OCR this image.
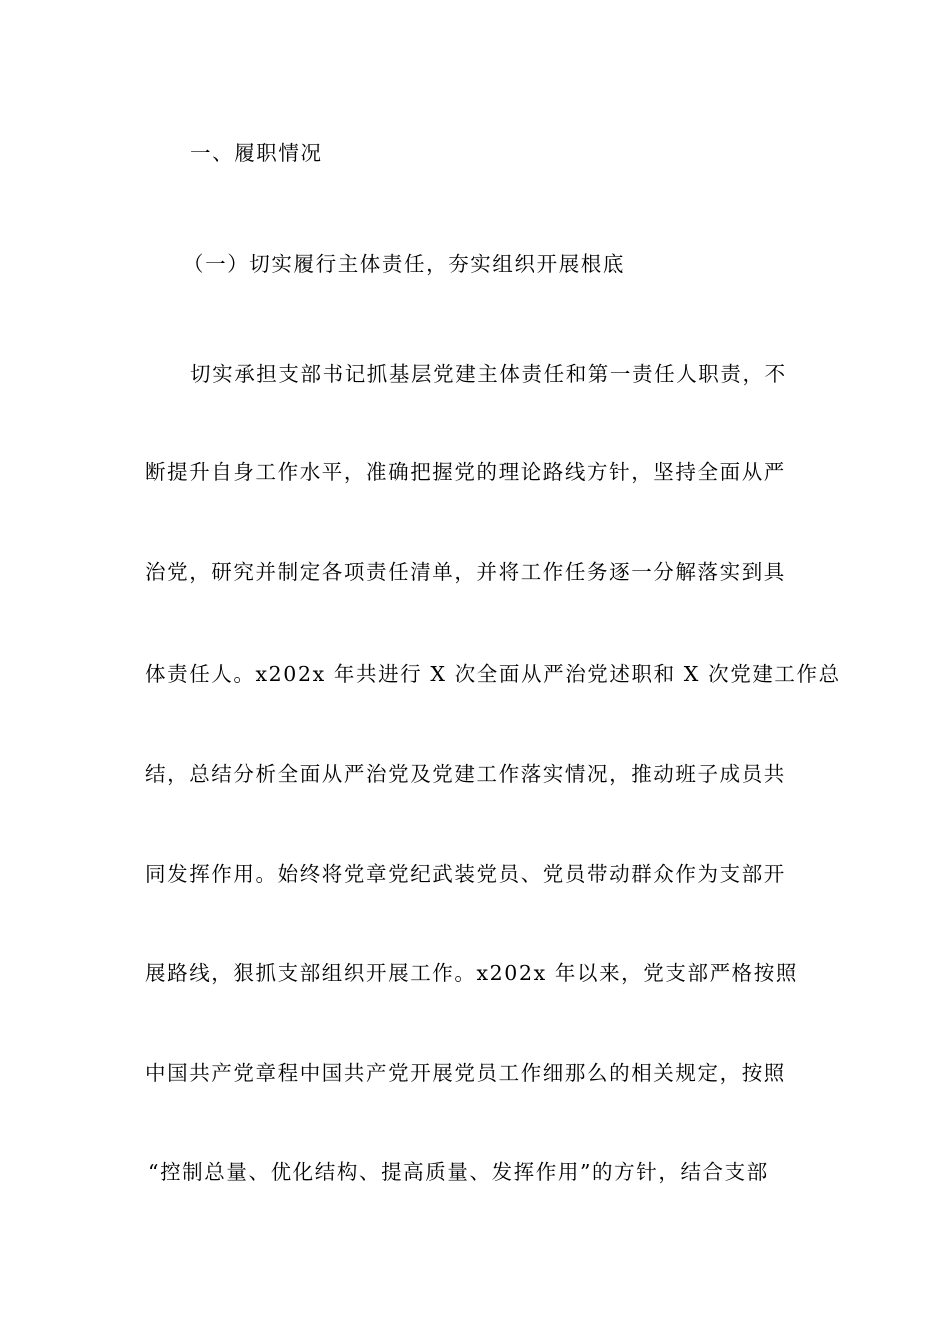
一、履职情况
（一）切实履行主体责任，夯实组织开展根底
切实承担支部书记抓基层党建主体责任和第一责任人职责，不
断提升自身工作水平，准确把握党的理论路线方针，坚持全面从严
治党，研究并制定各项责任清单，并将工作任务逐一分解落实到具
体责任人。x202x 年共进行 X 次全面从严治党述职和 X 次党建工作总
结，总结分析全面从严治党及党建工作落实情况，推动班子成员共
同发挥作用。始终将党章党纪武装党员、党员带动群众作为支部开
展路线，狠抓支部组织开展工作。x202x 年以来，党支部严格按照
中国共产党章程中国共产党开展党员工作细那么的相关规定，按照
“控制总量、优化结构、提高质量、发挥作用”的方针，结合支部
